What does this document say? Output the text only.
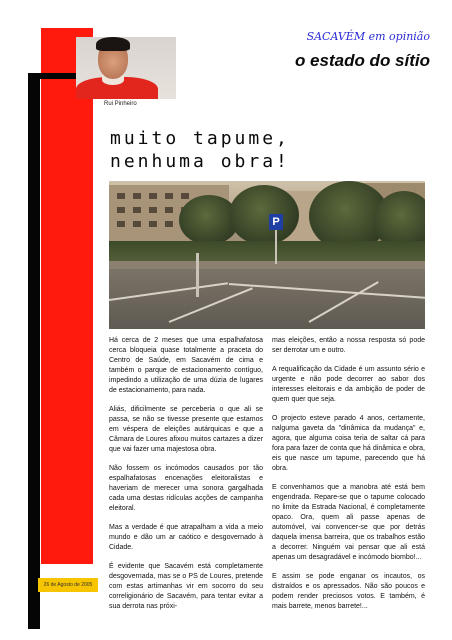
Rui Pinheiro
SACAVÉM em opinião
o estado do sítio
muito tapume,
nenhuma obra!
P

Há cerca de 2 meses que uma espalhafatosa cerca bloqueia quase totalmente a praceta do Centro de Saúde, em Sacavém de cima e também o parque de estacionamento contíguo, impedindo a utilização de uma dúzia de lugares de estacionamento, para nada.

Aliás, dificilmente se perceberia o que ali se passa, se não se tivesse presente que estamos em véspera de eleições autárquicas e que a Câmara de Loures afixou muitos cartazes a dizer que vai fazer uma majestosa obra.

Não fossem os incómodos causados por tão espalhafatosas encenações eleitoralistas e haveriam de merecer uma sonora gargalhada cada uma destas ridículas acções de campanha eleitoral.

Mas a verdade é que atrapalham a vida a meio mundo e dão um ar caótico e desgovernado à Cidade.

É evidente que Sacavém está completamente desgovernada, mas se o PS de Loures, pretende com estas artimanhas vir em socorro do seu correligionário de Sacavém, para tentar evitar a sua derrota nas próxi-

mas eleições, então a nossa resposta só pode ser derrotar um e outro.

A requalificação da Cidade é um assunto sério e urgente e não pode decorrer ao sabor dos interesses eleitorais e da ambição de poder de quem quer que seja.

O projecto esteve parado 4 anos, certamente, nalguma gaveta da "dinâmica da mudança" e, agora, que alguma coisa teria de saltar cá para fora para fazer de conta que há dinâmica e obra, eis que nasce um tapume, parecendo que há obra.

E convenhamos que a manobra até está bem engendrada. Repare-se que o tapume colocado no limite da Estrada Nacional, é completamente opaco. Ora, quem ali passe apenas de automóvel, vai convencer-se que por detrás daquela imensa barreira, que os trabalhos estão a decorrer. Ninguém vai pensar que ali está apenas um desagradável e incómodo biombo!...

E assim se pode enganar os incautos, os distraídos e os apressados. Não são poucos e podem render preciosos votos. E também, é mais barrete, menos barrete!...

26 de Agosto de 2005
